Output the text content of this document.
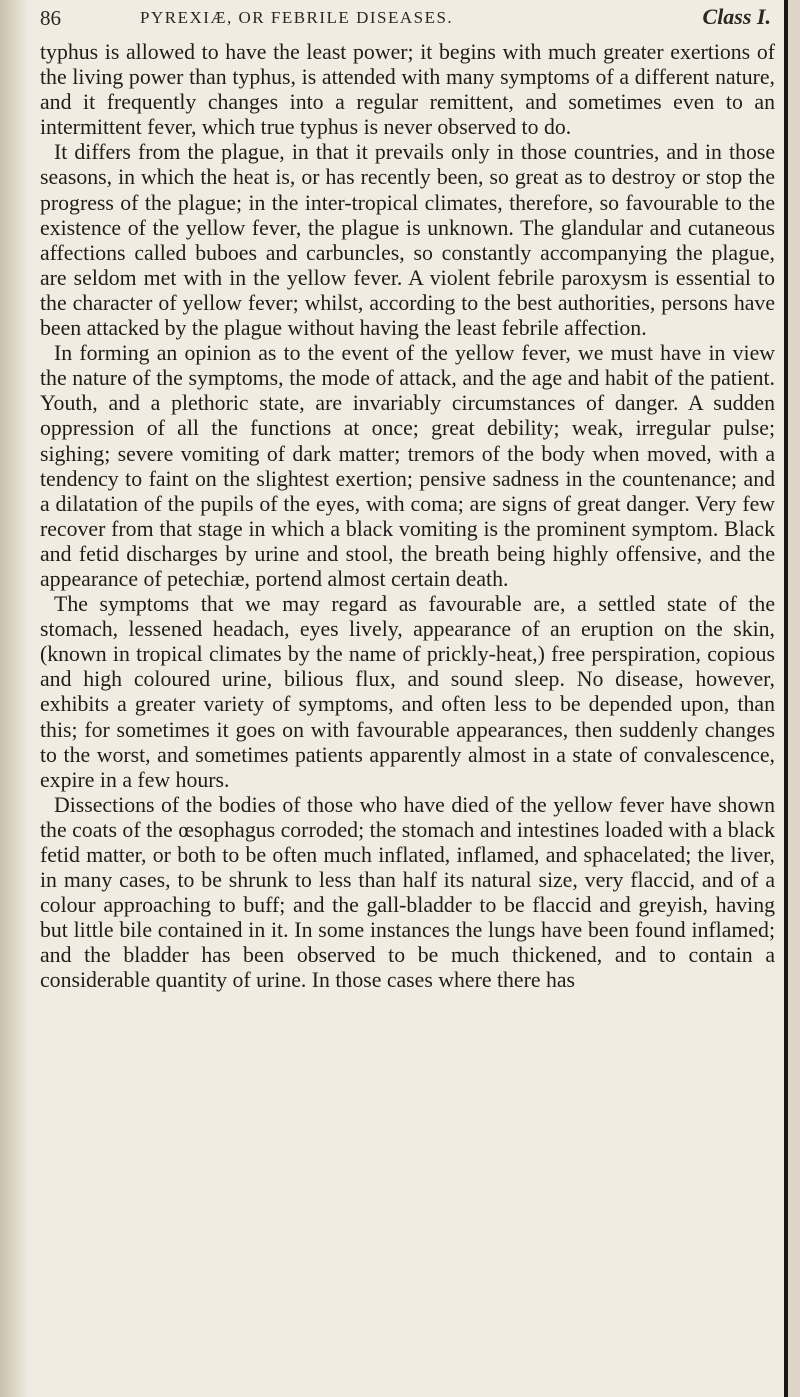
86	PYREXIÆ, OR FEBRILE DISEASES.	Class I.

typhus is allowed to have the least power; it begins with much greater exertions of the living power than typhus, is attended with many symptoms of a different nature, and it frequently changes into a regular remittent, and sometimes even to an intermittent fever, which true typhus is never observed to do.

It differs from the plague, in that it prevails only in those countries, and in those seasons, in which the heat is, or has recently been, so great as to destroy or stop the progress of the plague; in the inter-tropical climates, therefore, so favourable to the existence of the yellow fever, the plague is unknown. The glandular and cutaneous affections called buboes and carbuncles, so constantly accompanying the plague, are seldom met with in the yellow fever. A violent febrile paroxysm is essential to the character of yellow fever; whilst, according to the best authorities, persons have been attacked by the plague without having the least febrile affection.

In forming an opinion as to the event of the yellow fever, we must have in view the nature of the symptoms, the mode of attack, and the age and habit of the patient. Youth, and a plethoric state, are invariably circumstances of danger. A sudden oppression of all the functions at once; great debility; weak, irregular pulse; sighing; severe vomiting of dark matter; tremors of the body when moved, with a tendency to faint on the slightest exertion; pensive sadness in the countenance; and a dilatation of the pupils of the eyes, with coma; are signs of great danger. Very few recover from that stage in which a black vomiting is the prominent symptom. Black and fetid discharges by urine and stool, the breath being highly offensive, and the appearance of petechiæ, portend almost certain death.

The symptoms that we may regard as favourable are, a settled state of the stomach, lessened headach, eyes lively, appearance of an eruption on the skin, (known in tropical climates by the name of prickly-heat,) free perspiration, copious and high coloured urine, bilious flux, and sound sleep. No disease, however, exhibits a greater variety of symptoms, and often less to be depended upon, than this; for sometimes it goes on with favourable appearances, then suddenly changes to the worst, and sometimes patients apparently almost in a state of convalescence, expire in a few hours.

Dissections of the bodies of those who have died of the yellow fever have shown the coats of the œsophagus corroded; the stomach and intestines loaded with a black fetid matter, or both to be often much inflated, inflamed, and sphacelated; the liver, in many cases, to be shrunk to less than half its natural size, very flaccid, and of a colour approaching to buff; and the gall-bladder to be flaccid and greyish, having but little bile contained in it. In some instances the lungs have been found inflamed; and the bladder has been observed to be much thickened, and to contain a considerable quantity of urine. In those cases where there has
